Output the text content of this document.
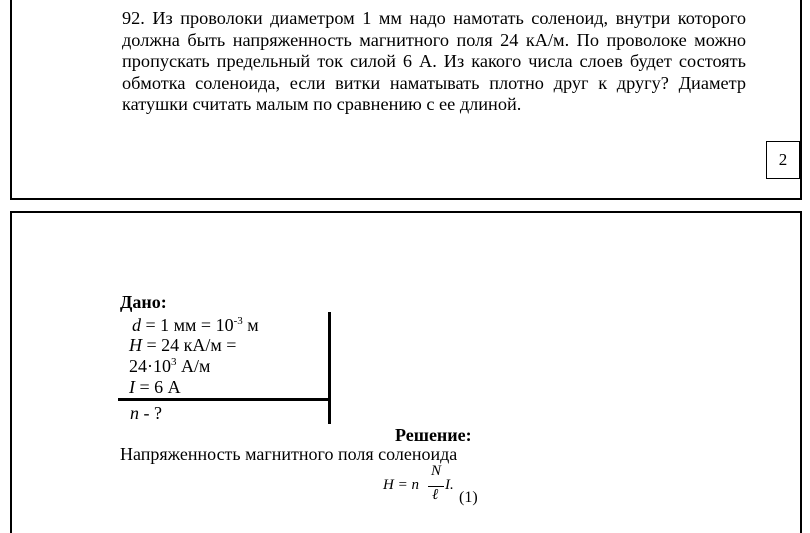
92. Из проволоки диаметром 1 мм надо намотать соленоид, внутри которого
должна быть напряженность магнитного поля 24 кА/м. По проволоке можно
пропускать предельный ток силой 6 А. Из какого числа слоев будет состоять
обмотка соленоида, если витки наматывать плотно друг к другу? Диаметр
катушки считать малым по сравнению с ее длиной.
2
Дано:
d = 1 мм = $10^{-3}$ м
H = 24 кА/м =
$24\cdot 10^3$ А/м
I = 6 А
n - ?
Решение:
Напряженность магнитного поля соленоида
H = n
N
ℓ
I.
(1)
